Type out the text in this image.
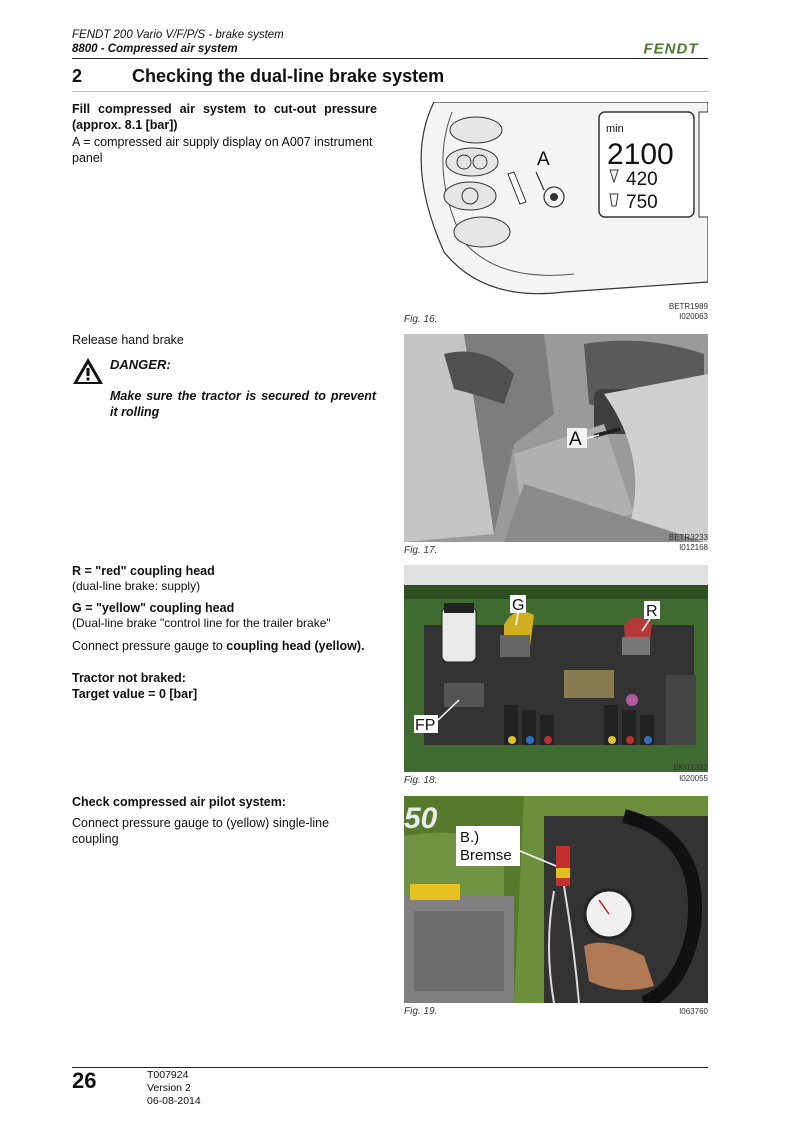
FENDT 200 Vario V/F/P/S - brake system
8800 - Compressed air system	FENDT
2	Checking the dual-line brake system
Fill compressed air system to cut-out pressure (approx. 8.1 [bar])
A = compressed air supply display on A007 instrument panel
min
2100
420
750
A
BETR1989
I020063
Fig. 16.
Release hand brake
DANGER:
Make sure the tractor is secured to prevent it rolling
A
BETR3233
I012168
Fig. 17.
R = "red" coupling head
(dual-line brake: supply)
G = "yellow" coupling head
(Dual-line brake "control line for the trailer brake"
Connect pressure gauge to coupling head (yellow).
Tractor not braked:
Target value = 0 [bar]
G	R
FP
EKI11382
I020055
Fig. 18.
Check compressed air pilot system:
Connect pressure gauge to (yellow) single-line coupling
50
B.)
Bremse
EKI14755
I063760
Fig. 19.
26	T007924
Version 2
06-08-2014
